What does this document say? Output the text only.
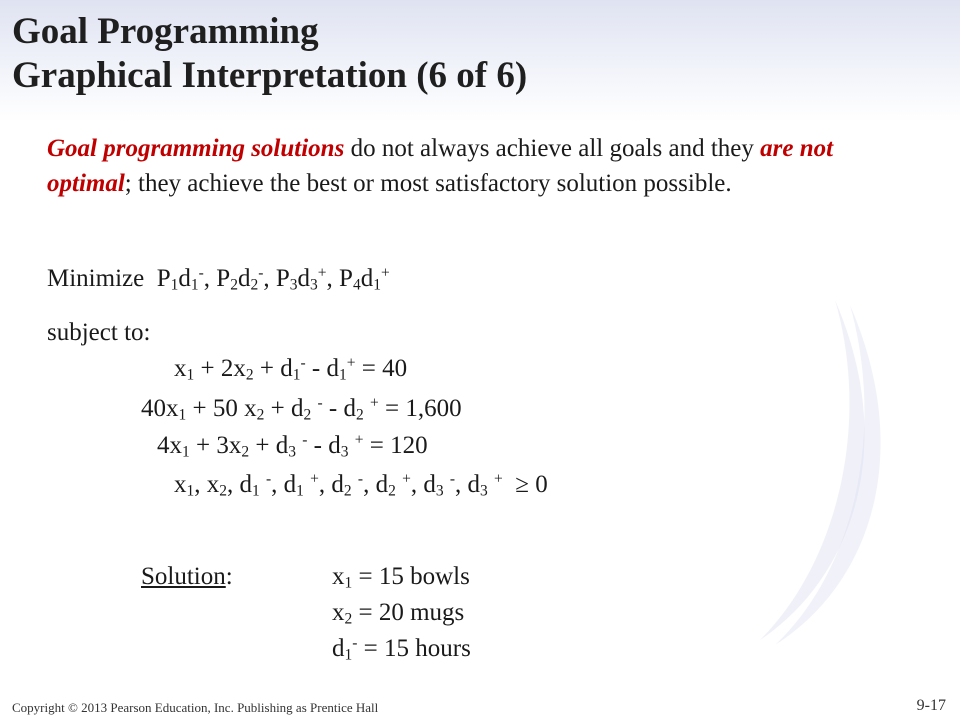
Goal Programming
Graphical Interpretation (6 of 6)

Goal programming solutions do not always achieve all goals and they are not optimal; they achieve the best or most satisfactory solution possible.

Minimize $P_1d_1^-$, $P_2d_2^-$, $P_3d_3^+$, $P_4d_1^+$
subject to:
$x_1 + 2x_2 + d_1^- - d_1^+ = 40$
$40x_1 + 50$ $x_2 + d_2$ $^- - d_2$ + = 1,600
$4x_1 + 3x_2 + d_3$ $^- - d_3$ + = 120
$x_1$, $x_2$, $d_1$ -, $d_1$ +, $d_2$ -, $d_2$ +, $d_3$ -, $d_3$ +  ≥ 0
Solution:	$x_1 = 15$ bowls
$x_2 = 20$ mugs
$d_1^- = 15$ hours
Copyright © 2013 Pearson Education, Inc. Publishing as Prentice Hall	9-17
